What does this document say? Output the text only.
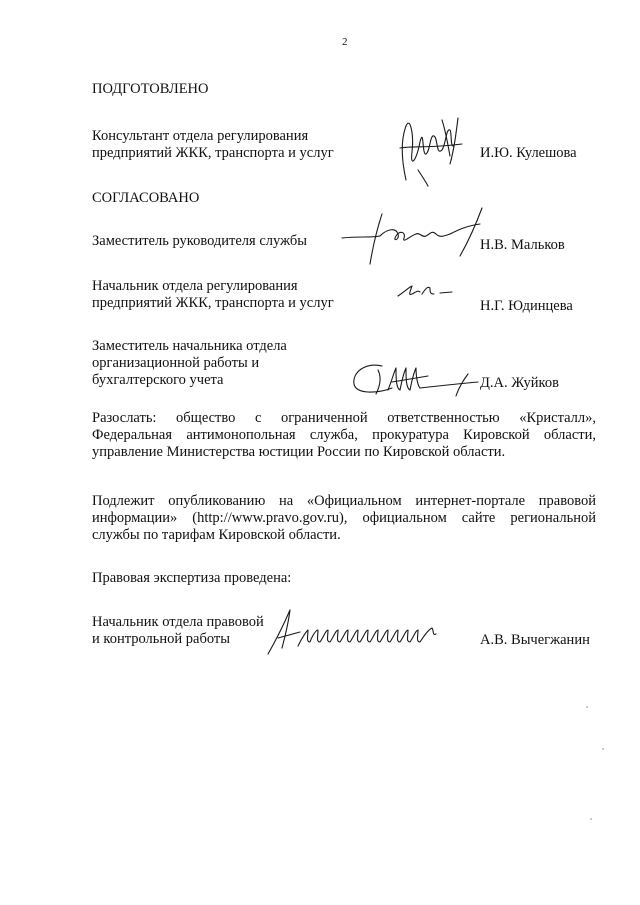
2
ПОДГОТОВЛЕНО
Консультант отдела регулирования
предприятий ЖКК, транспорта и услуг	И.Ю. Кулешова
СОГЛАСОВАНО
Заместитель руководителя службы	Н.В. Мальков
Начальник отдела регулирования
предприятий ЖКК, транспорта и услуг	Н.Г. Юдинцева
Заместитель начальника отдела
организационной работы и
бухгалтерского учета	Д.А. Жуйков
Разослать: общество с ограниченной ответственностью «Кристалл»,
Федеральная антимонопольная служба, прокуратура Кировской области,
управление Министерства юстиции России по Кировской области.
Подлежит опубликованию на «Официальном интернет-портале правовой
информации» (http://www.pravo.gov.ru), официальном сайте региональной
службы по тарифам Кировской области.
Правовая экспертиза проведена:
Начальник отдела правовой
и контрольной работы	А.В. Вычегжанин
